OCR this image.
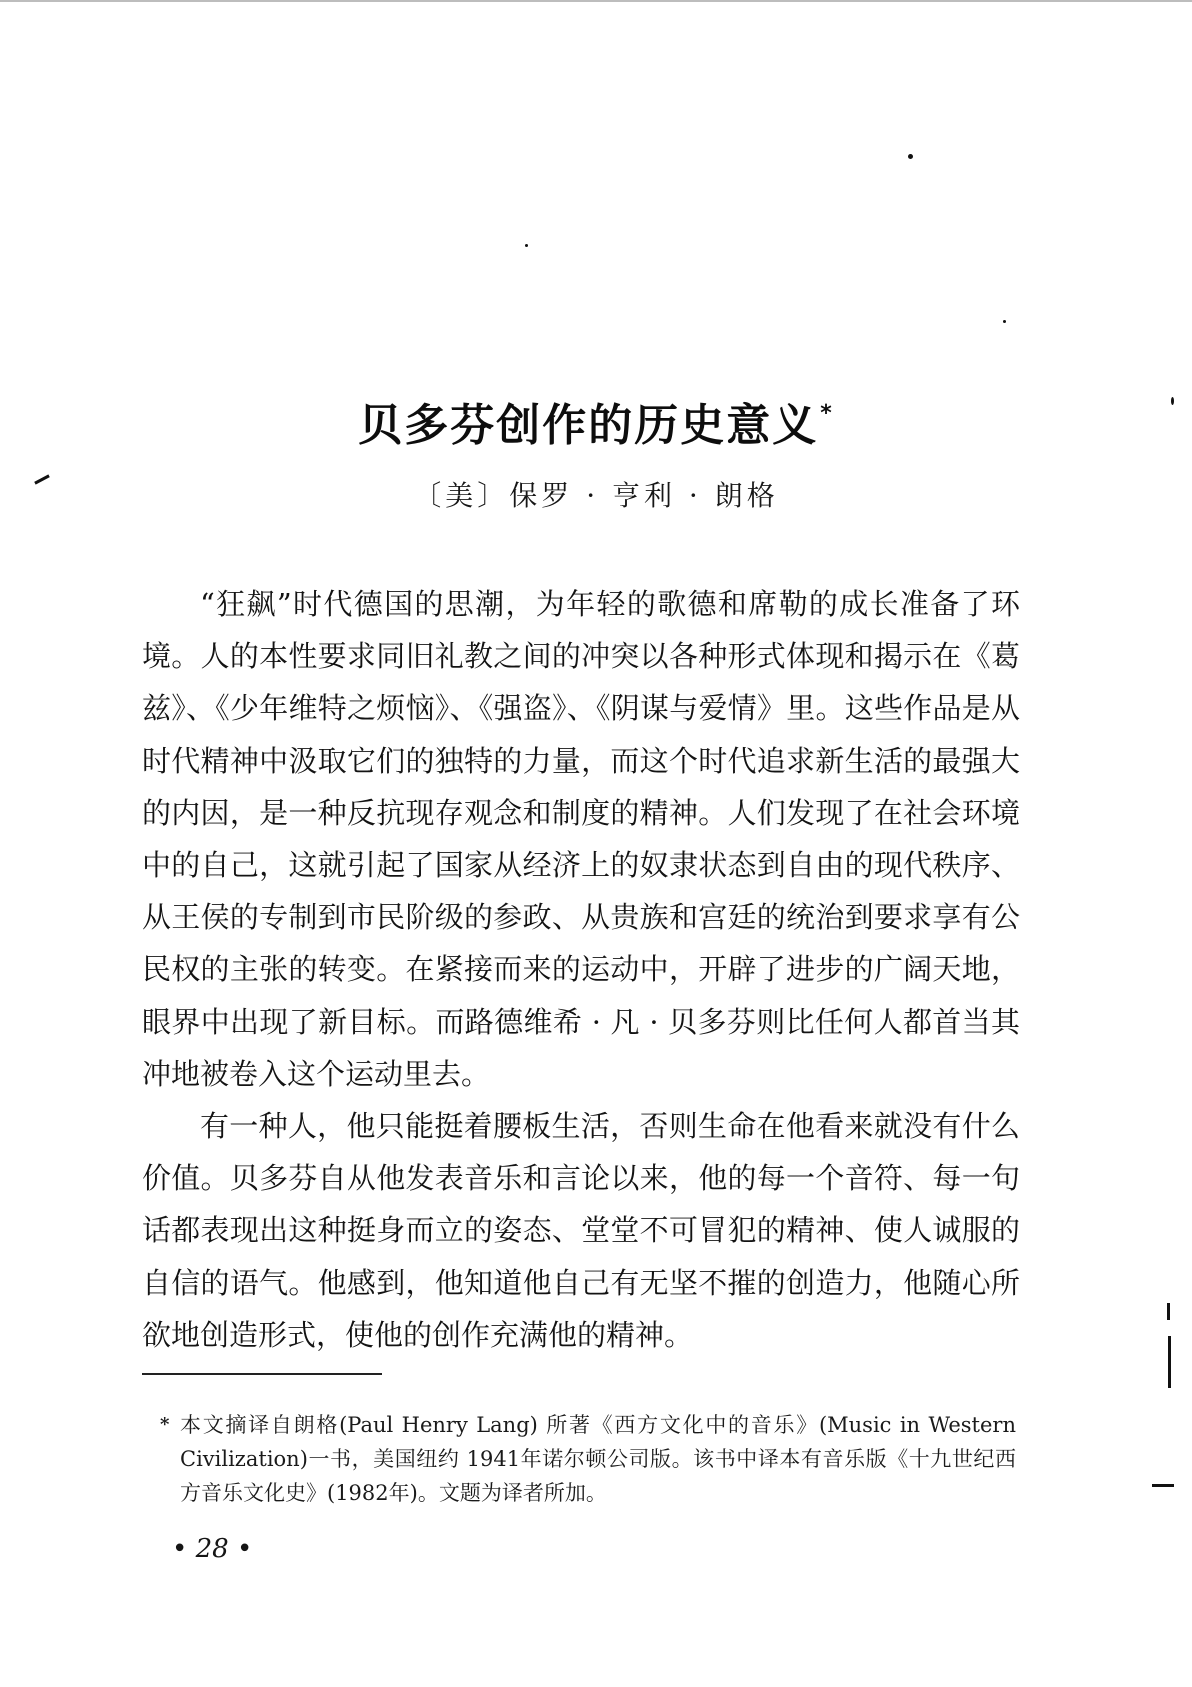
贝多芬创作的历史意义*
〔美〕保罗 · 亨利 · 朗格

“狂飙”时代德国的思潮，为年轻的歌德和席勒的成长准备了环境。人的本性要求同旧礼教之间的冲突以各种形式体现和揭示在《葛兹》、《少年维特之烦恼》、《强盗》、《阴谋与爱情》里。这些作品是从时代精神中汲取它们的独特的力量，而这个时代追求新生活的最强大的内因，是一种反抗现存观念和制度的精神。人们发现了在社会环境中的自己，这就引起了国家从经济上的奴隶状态到自由的现代秩序、从王侯的专制到市民阶级的参政、从贵族和宫廷的统治到要求享有公民权的主张的转变。在紧接而来的运动中，开辟了进步的广阔天地，眼界中出现了新目标。而路德维希 · 凡 · 贝多芬则比任何人都首当其冲地被卷入这个运动里去。

有一种人，他只能挺着腰板生活，否则生命在他看来就没有什么价值。贝多芬自从他发表音乐和言论以来，他的每一个音符、每一句话都表现出这种挺身而立的姿态、堂堂不可冒犯的精神、使人诚服的自信的语气。他感到，他知道他自己有无坚不摧的创造力，他随心所欲地创造形式，使他的创作充满他的精神。

* 本文摘译自朗格(Paul Henry Lang) 所著《西方文化中的音乐》(Music in Western Civilization)一书，美国纽约 1941年诺尔顿公司版。该书中译本有音乐版《十九世纪西方音乐文化史》(1982年)。文题为译者所加。
• 28 •
